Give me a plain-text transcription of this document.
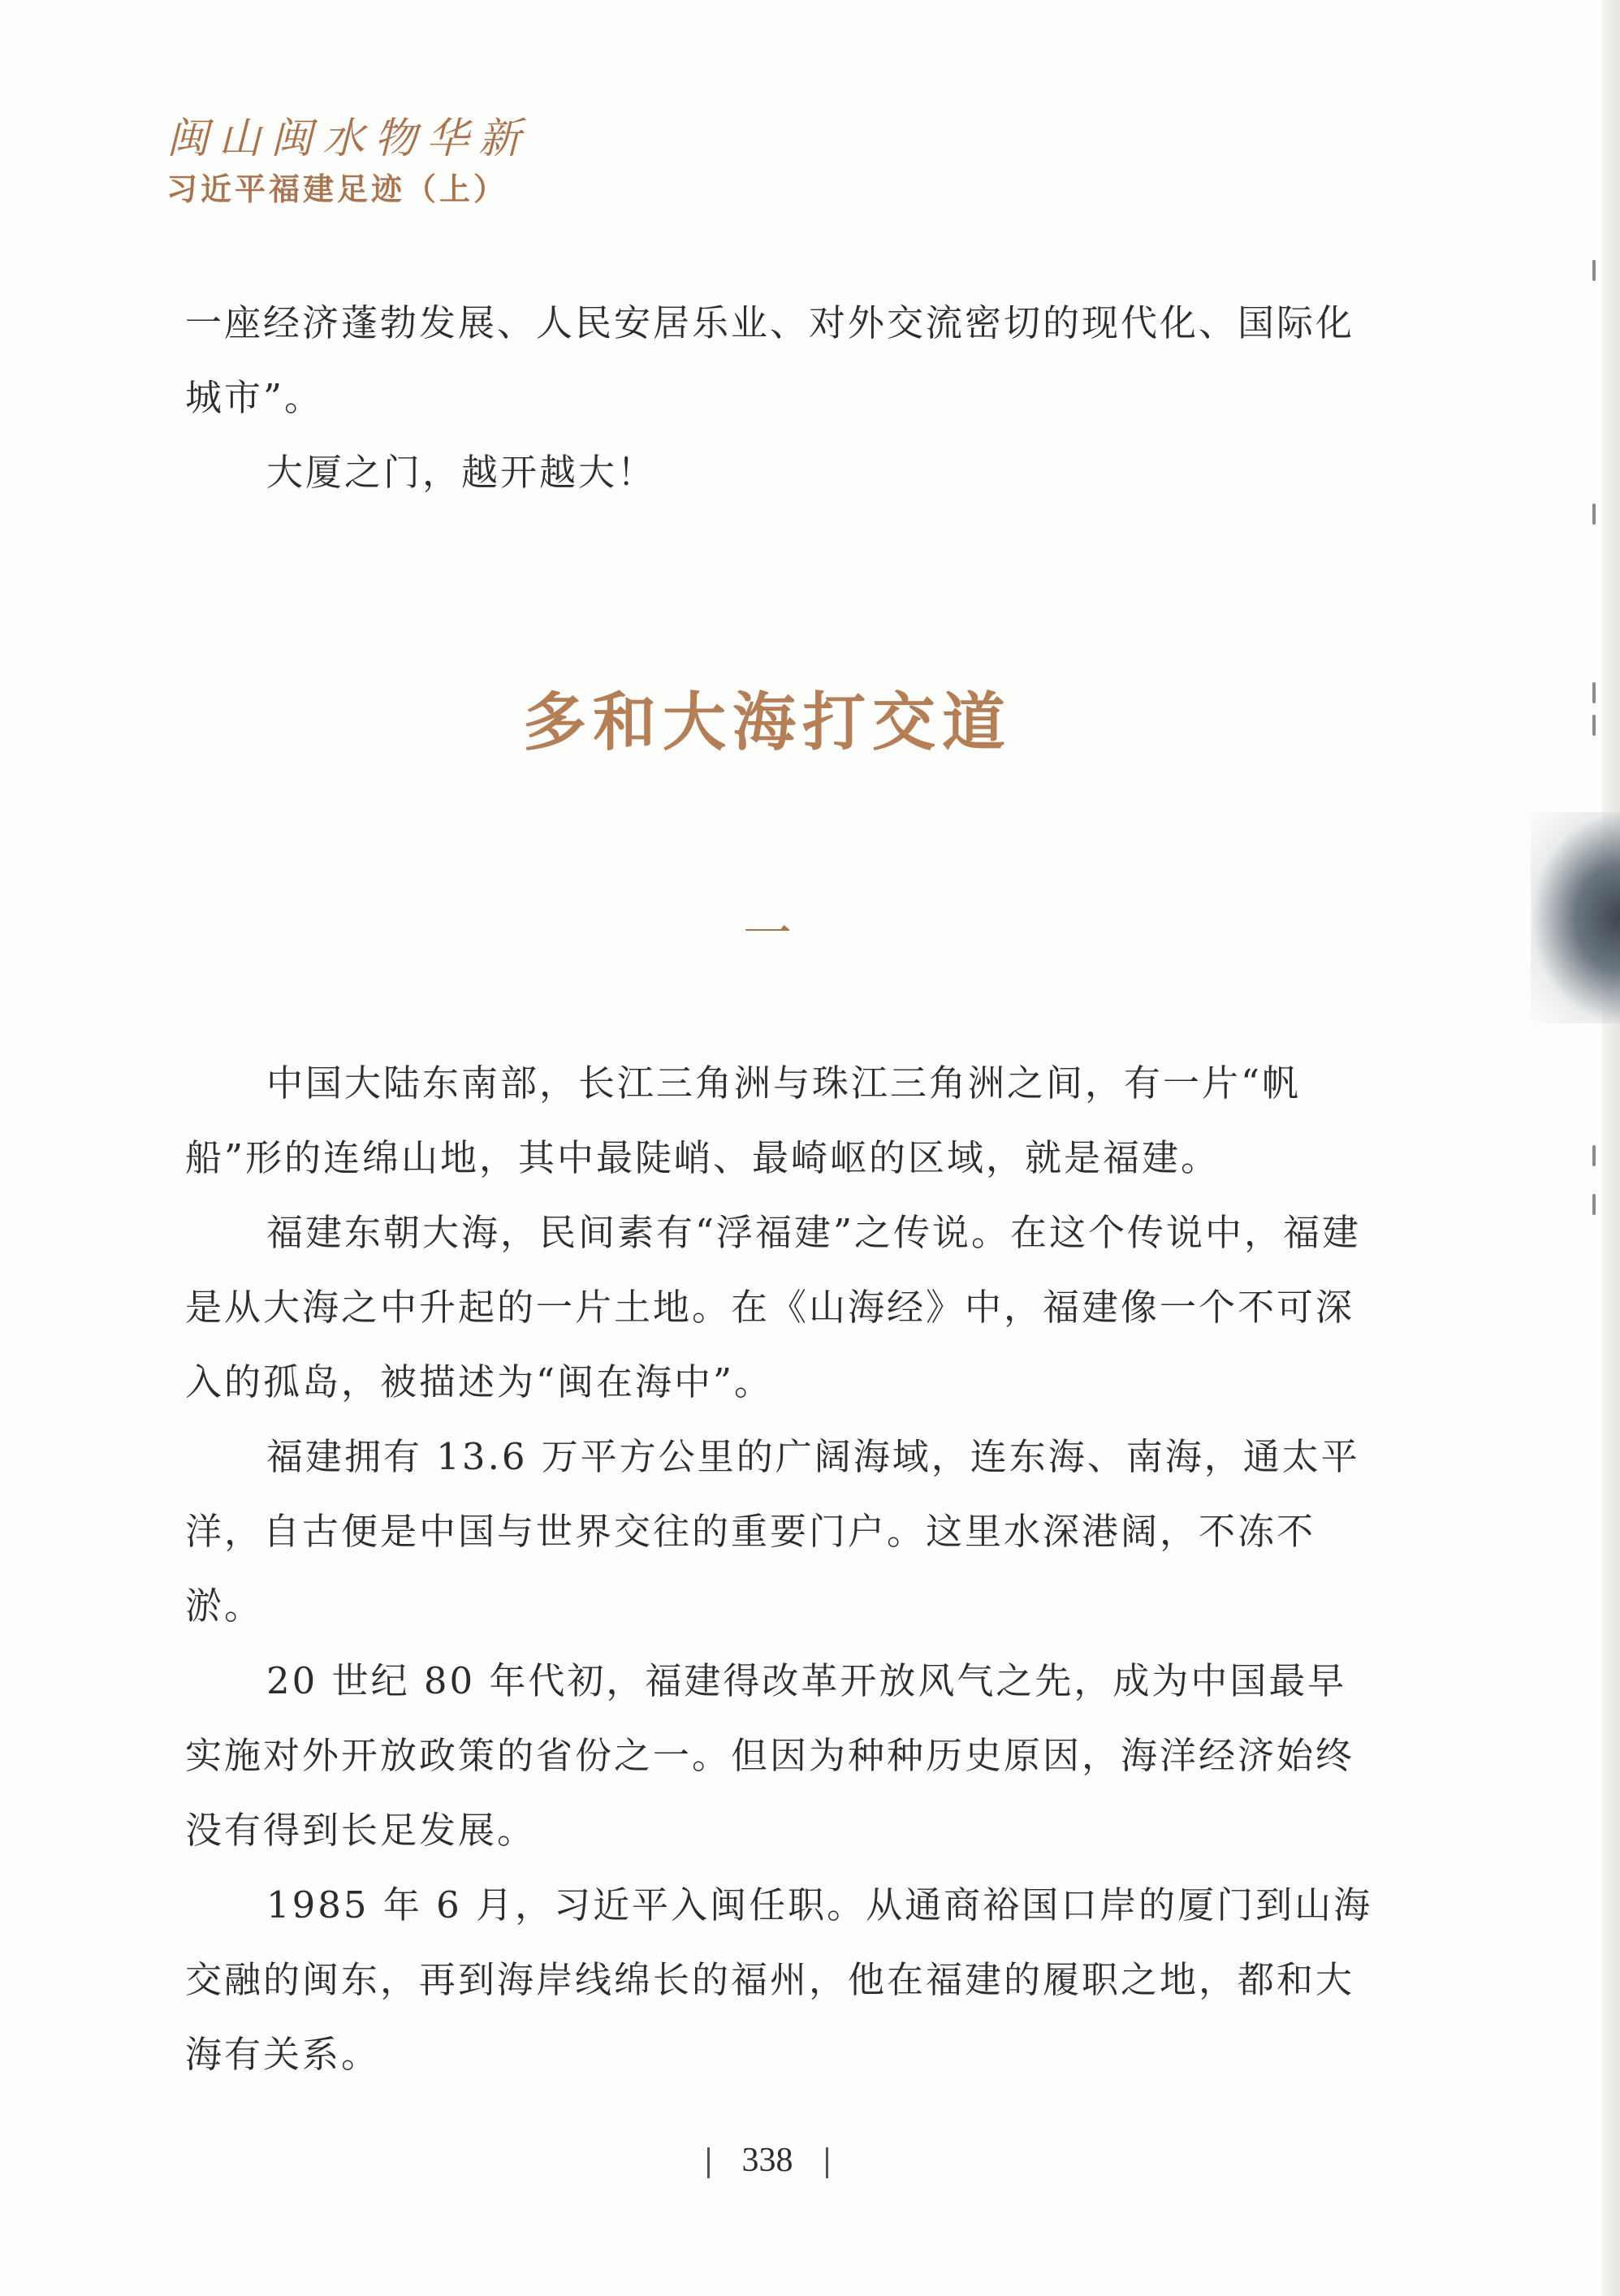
闽山闽水物华新
习近平福建足迹（上）

一座经济蓬勃发展、人民安居乐业、对外交流密切的现代化、国际化城市”。

大厦之门，越开越大！

多和大海打交道
一

中国大陆东南部，长江三角洲与珠江三角洲之间，有一片“帆船”形的连绵山地，其中最陡峭、最崎岖的区域，就是福建。

福建东朝大海，民间素有“浮福建”之传说。在这个传说中，福建是从大海之中升起的一片土地。在《山海经》中，福建像一个不可深入的孤岛，被描述为“闽在海中”。

福建拥有 13.6 万平方公里的广阔海域，连东海、南海，通太平洋，自古便是中国与世界交往的重要门户。这里水深港阔，不冻不淤。

20 世纪 80 年代初，福建得改革开放风气之先，成为中国最早实施对外开放政策的省份之一。但因为种种历史原因，海洋经济始终没有得到长足发展。

1985 年 6 月，习近平入闽任职。从通商裕国口岸的厦门到山海交融的闽东，再到海岸线绵长的福州，他在福建的履职之地，都和大海有关系。

338
